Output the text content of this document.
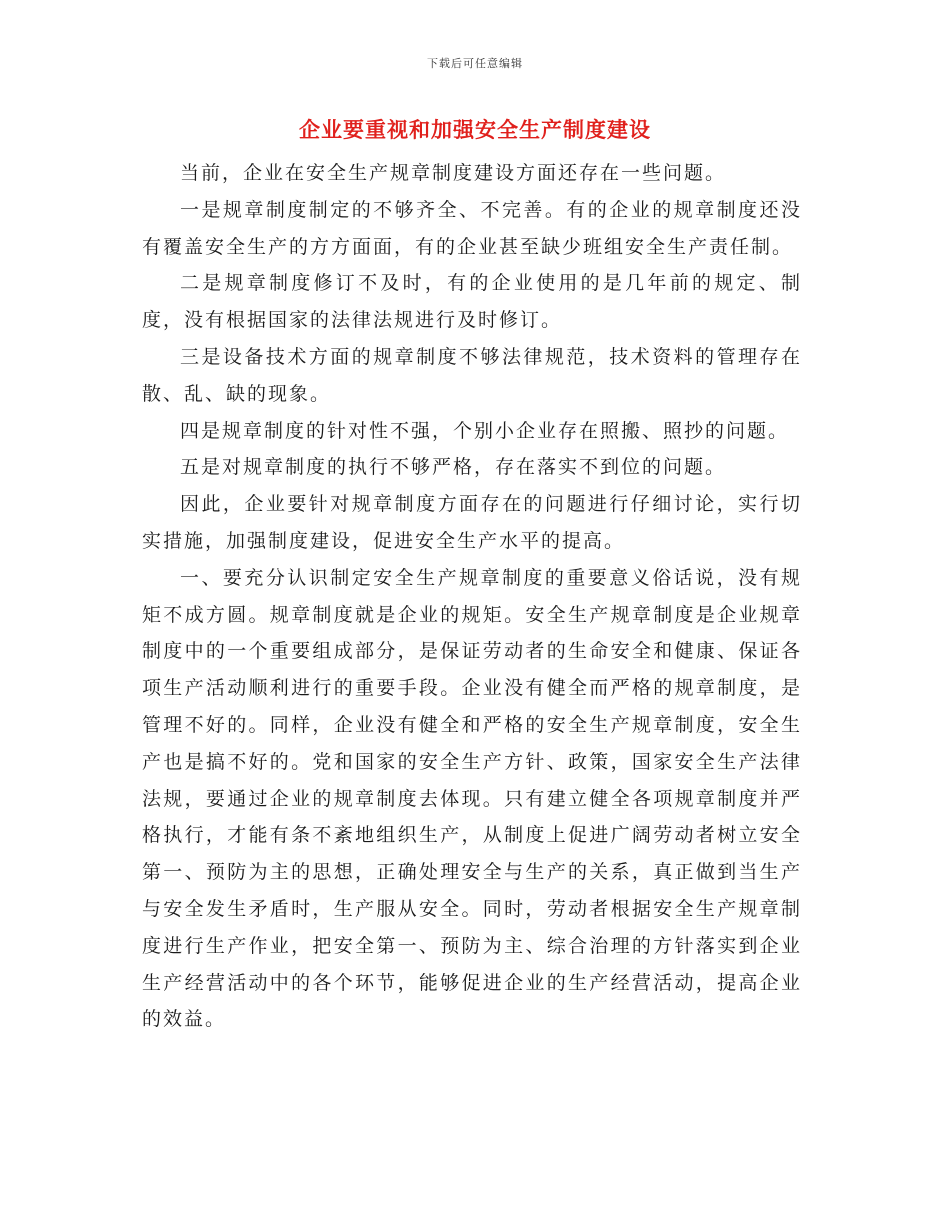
下载后可任意编辑
企业要重视和加强安全生产制度建设

当前，企业在安全生产规章制度建设方面还存在一些问题。

一是规章制度制定的不够齐全、不完善。有的企业的规章制度还没有覆盖安全生产的方方面面，有的企业甚至缺少班组安全生产责任制。

二是规章制度修订不及时，有的企业使用的是几年前的规定、制度，没有根据国家的法律法规进行及时修订。

三是设备技术方面的规章制度不够法律规范，技术资料的管理存在散、乱、缺的现象。

四是规章制度的针对性不强，个别小企业存在照搬、照抄的问题。

五是对规章制度的执行不够严格，存在落实不到位的问题。

因此，企业要针对规章制度方面存在的问题进行仔细讨论，实行切实措施，加强制度建设，促进安全生产水平的提高。

一、要充分认识制定安全生产规章制度的重要意义俗话说，没有规矩不成方圆。规章制度就是企业的规矩。安全生产规章制度是企业规章制度中的一个重要组成部分，是保证劳动者的生命安全和健康、保证各项生产活动顺利进行的重要手段。企业没有健全而严格的规章制度，是管理不好的。同样，企业没有健全和严格的安全生产规章制度，安全生产也是搞不好的。党和国家的安全生产方针、政策，国家安全生产法律法规，要通过企业的规章制度去体现。只有建立健全各项规章制度并严格执行，才能有条不紊地组织生产，从制度上促进广阔劳动者树立安全第一、预防为主的思想，正确处理安全与生产的关系，真正做到当生产与安全发生矛盾时，生产服从安全。同时，劳动者根据安全生产规章制度进行生产作业，把安全第一、预防为主、综合治理的方针落实到企业生产经营活动中的各个环节，能够促进企业的生产经营活动，提高企业的效益。
